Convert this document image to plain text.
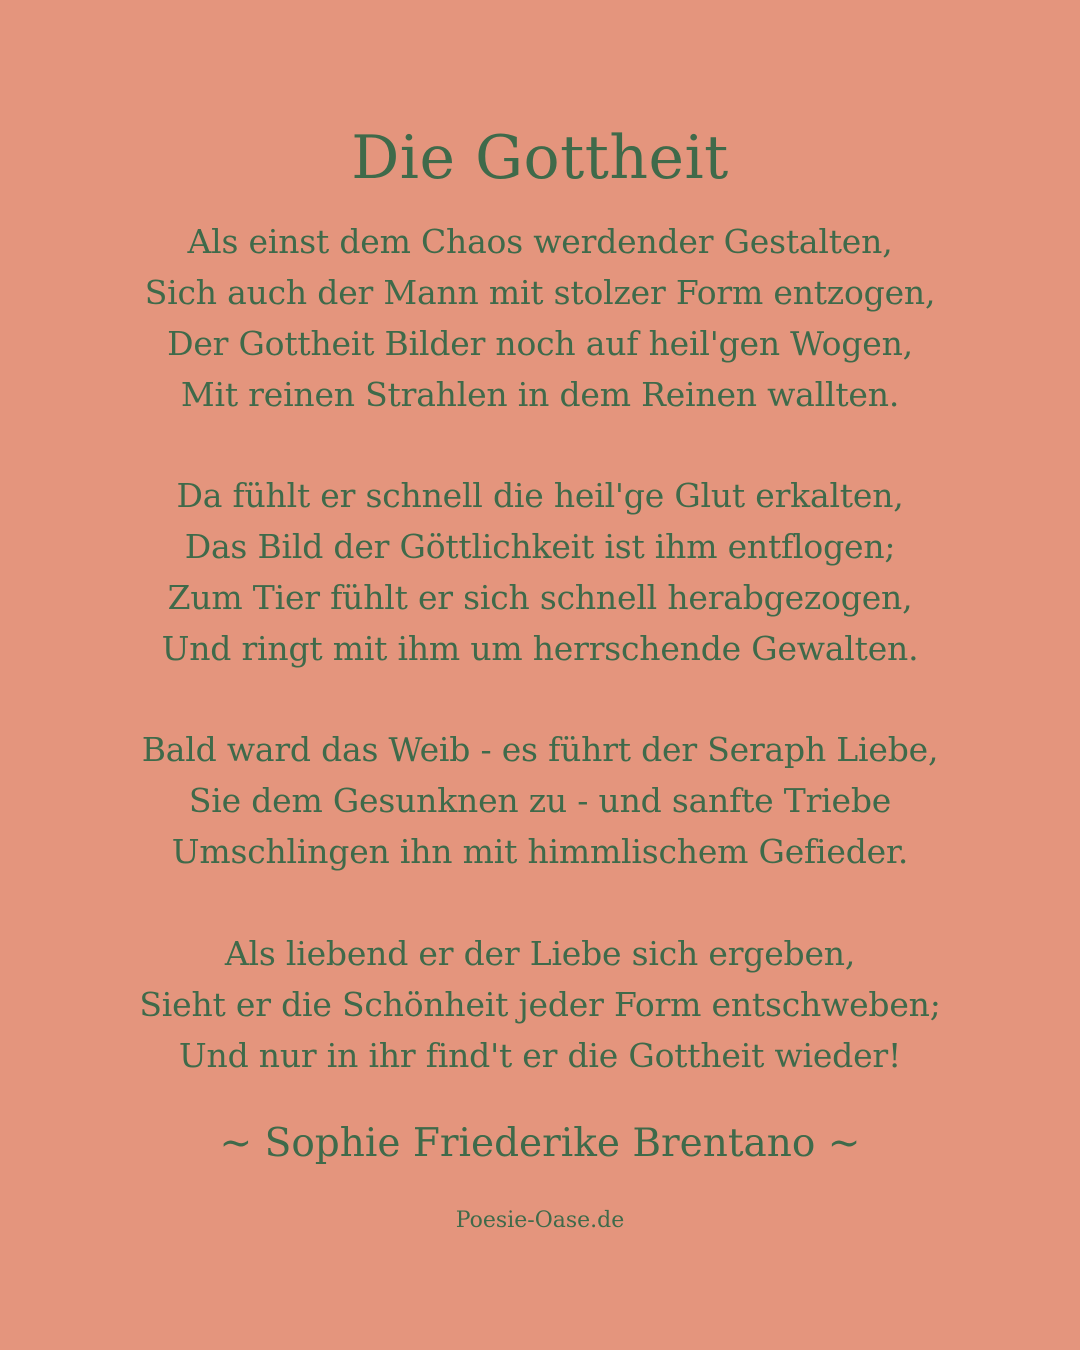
Die Gottheit

Als einst dem Chaos werdender Gestalten,
Sich auch der Mann mit stolzer Form entzogen,
Der Gottheit Bilder noch auf heil'gen Wogen,
Mit reinen Strahlen in dem Reinen wallten.

Da fühlt er schnell die heil'ge Glut erkalten,
Das Bild der Göttlichkeit ist ihm entflogen;
Zum Tier fühlt er sich schnell herabgezogen,
Und ringt mit ihm um herrschende Gewalten.

Bald ward das Weib - es führt der Seraph Liebe,
Sie dem Gesunknen zu - und sanfte Triebe
Umschlingen ihn mit himmlischem Gefieder.

Als liebend er der Liebe sich ergeben,
Sieht er die Schönheit jeder Form entschweben;
Und nur in ihr find't er die Gottheit wieder!

~ Sophie Friederike Brentano ~

Poesie-Oase.de
